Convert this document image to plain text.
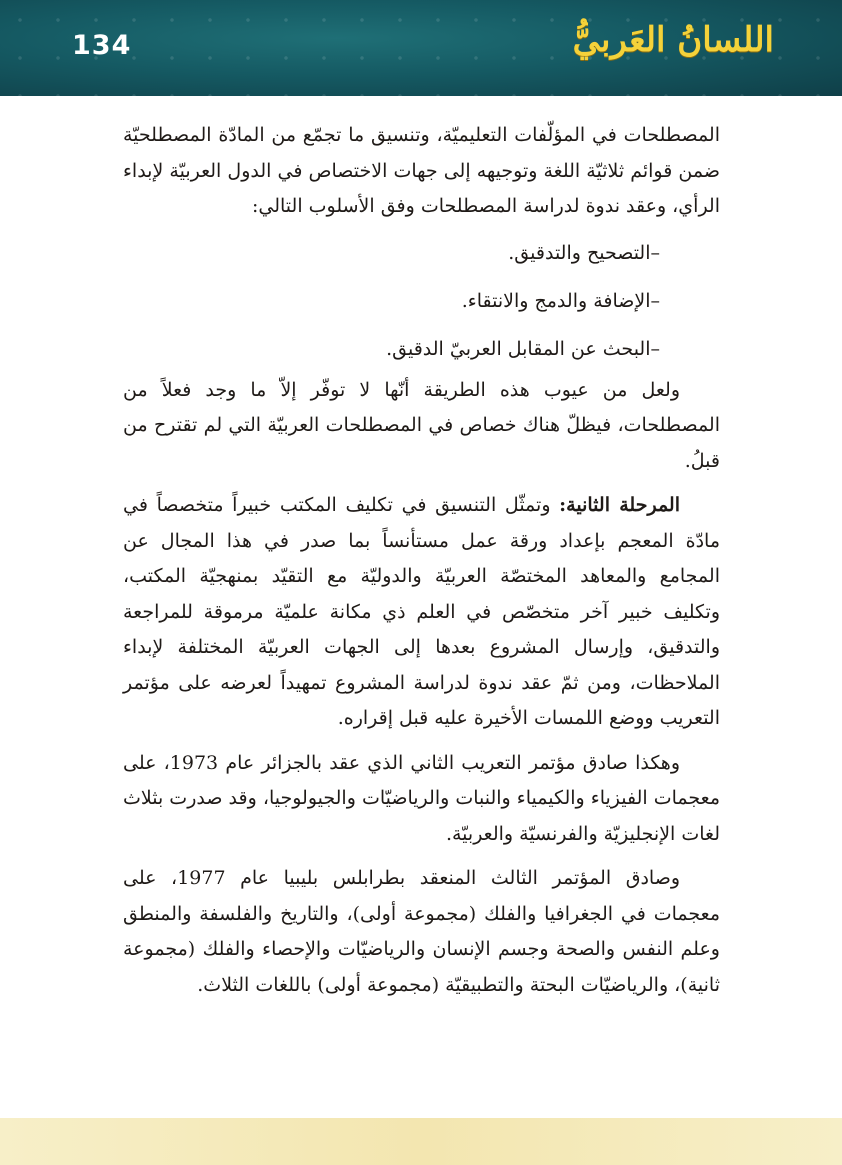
134	اللسانُ العَربيُّ

المصطلحات في المؤلّفات التعليميّة، وتنسيق ما تجمّع من المادّة المصطلحيّة ضمن قوائم ثلاثيّة اللغة وتوجيهه إلى جهات الاختصاص في الدول العربيّة لإبداء الرأي، وعقد ندوة لدراسة المصطلحات وفق الأسلوب التالي:

–التصحيح والتدقيق.

–الإضافة والدمج والانتقاء.

–البحث عن المقابل العربيّ الدقيق.

ولعل من عيوب هذه الطريقة أنّها لا توفّر إلاّ ما وجد فعلاً من المصطلحات، فيظلّ هناك خصاص في المصطلحات العربيّة التي لم تقترح من قبلُ.

المرحلة الثانية: وتمثّل التنسيق في تكليف المكتب خبيراً متخصصاً في مادّة المعجم بإعداد ورقة عمل مستأنساً بما صدر في هذا المجال عن المجامع والمعاهد المختصّة العربيّة والدوليّة مع التقيّد بمنهجيّة المكتب، وتكليف خبير آخر متخصّص في العلم ذي مكانة علميّة مرموقة للمراجعة والتدقيق، وإرسال المشروع بعدها إلى الجهات العربيّة المختلفة لإبداء الملاحظات، ومن ثمّ عقد ندوة لدراسة المشروع تمهيداً لعرضه على مؤتمر التعريب ووضع اللمسات الأخيرة عليه قبل إقراره.

وهكذا صادق مؤتمر التعريب الثاني الذي عقد بالجزائر عام 1973، على معجمات الفيزياء والكيمياء والنبات والرياضيّات والجيولوجيا، وقد صدرت بثلاث لغات الإنجليزيّة والفرنسيّة والعربيّة.

وصادق المؤتمر الثالث المنعقد بطرابلس بليبيا عام 1977، على معجمات في الجغرافيا والفلك (مجموعة أولى)، والتاريخ والفلسفة والمنطق وعلم النفس والصحة وجسم الإنسان والرياضيّات والإحصاء والفلك (مجموعة ثانية)، والرياضيّات البحتة والتطبيقيّة (مجموعة أولى) باللغات الثلاث.
